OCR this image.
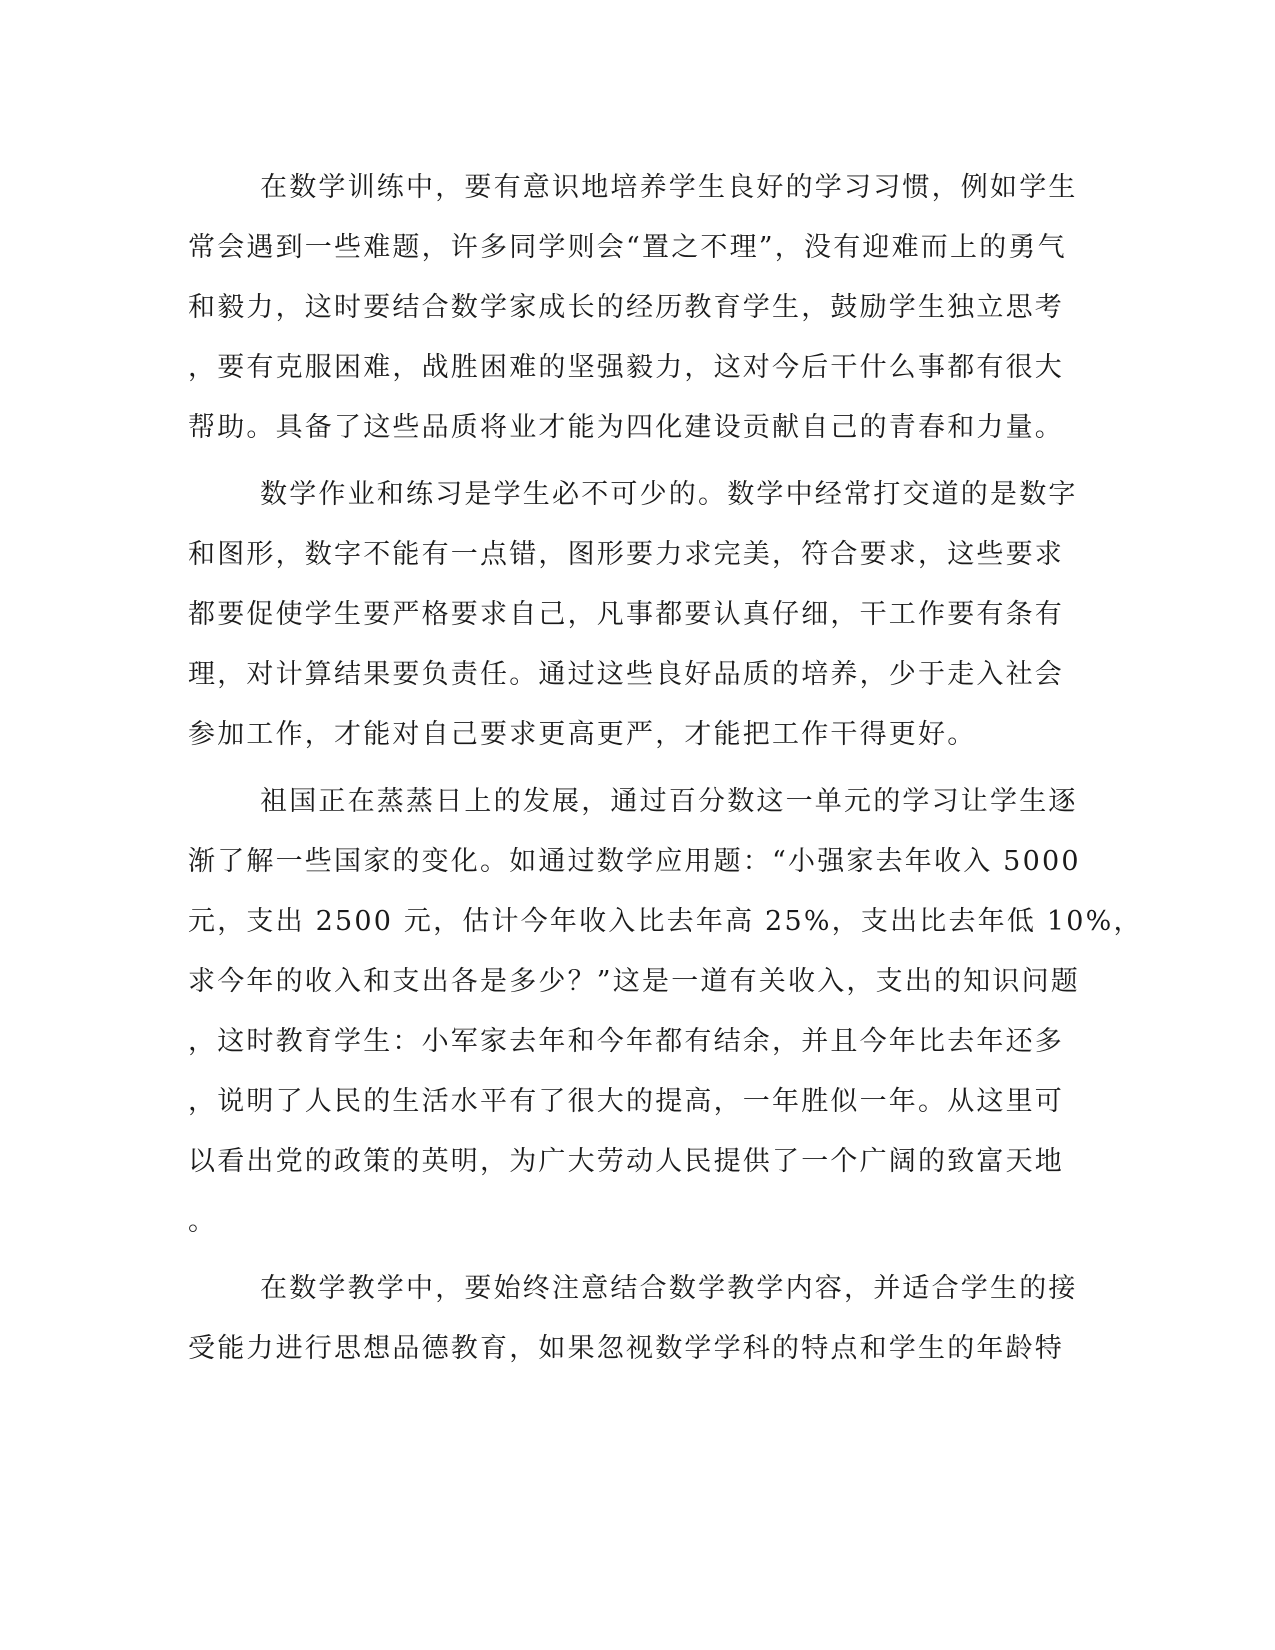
在数学训练中，要有意识地培养学生良好的学习习惯，例如学生
常会遇到一些难题，许多同学则会“置之不理”，没有迎难而上的勇气
和毅力，这时要结合数学家成长的经历教育学生，鼓励学生独立思考
，要有克服困难，战胜困难的坚强毅力，这对今后干什么事都有很大
帮助。具备了这些品质将业才能为四化建设贡献自己的青春和力量。
数学作业和练习是学生必不可少的。数学中经常打交道的是数字
和图形，数字不能有一点错，图形要力求完美，符合要求，这些要求
都要促使学生要严格要求自己，凡事都要认真仔细，干工作要有条有
理，对计算结果要负责任。通过这些良好品质的培养，少于走入社会
参加工作，才能对自己要求更高更严，才能把工作干得更好。
祖国正在蒸蒸日上的发展，通过百分数这一单元的学习让学生逐
渐了解一些国家的变化。如通过数学应用题：“小强家去年收入 5000
元，支出 2500 元，估计今年收入比去年高 25%，支出比去年低 10%，
求今年的收入和支出各是多少？”这是一道有关收入，支出的知识问题
，这时教育学生：小军家去年和今年都有结余，并且今年比去年还多
，说明了人民的生活水平有了很大的提高，一年胜似一年。从这里可
以看出党的政策的英明，为广大劳动人民提供了一个广阔的致富天地
。
在数学教学中，要始终注意结合数学教学内容，并适合学生的接
受能力进行思想品德教育，如果忽视数学学科的特点和学生的年龄特
